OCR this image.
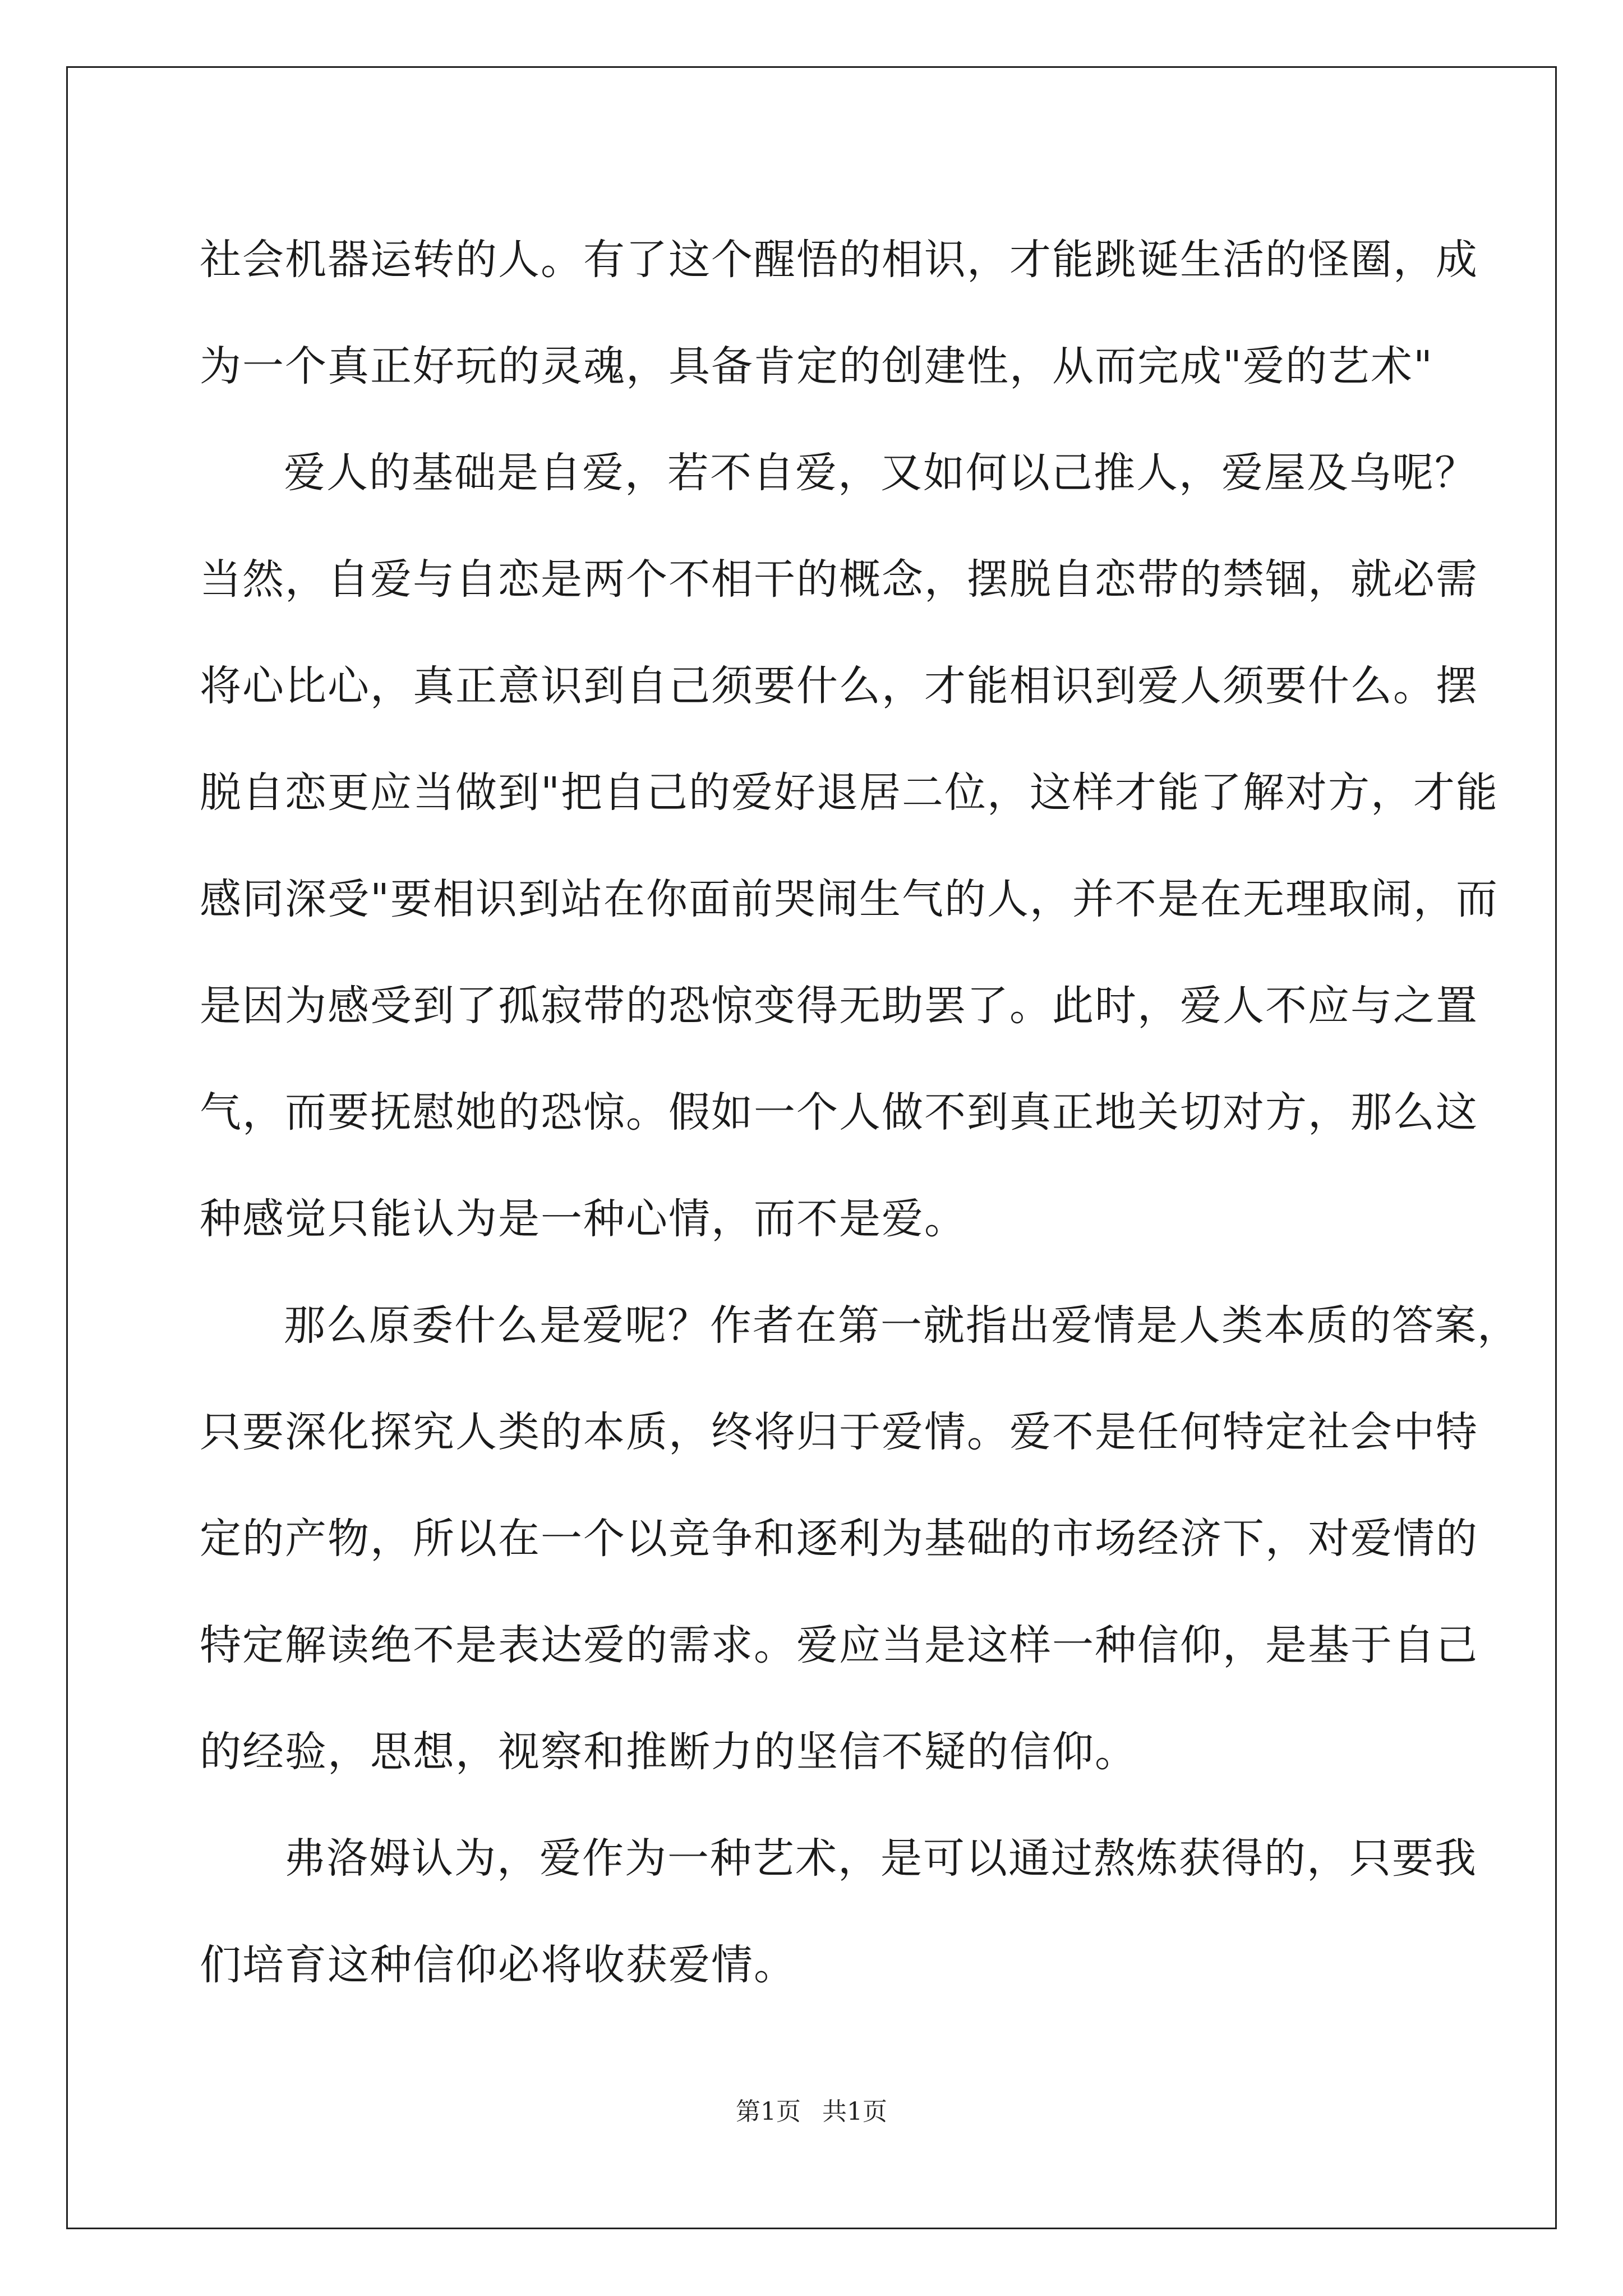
社会机器运转的人。有了这个醒悟的相识，才能跳诞生活的怪圈，成
为一个真正好玩的灵魂，具备肯定的创建性，从而完成"爱的艺术"
爱人的基础是自爱，若不自爱，又如何以己推人，爱屋及乌呢？
当然，自爱与自恋是两个不相干的概念，摆脱自恋带的禁锢，就必需
将心比心，真正意识到自己须要什么，才能相识到爱人须要什么。摆
脱自恋更应当做到"把自己的爱好退居二位，这样才能了解对方，才能
感同深受"要相识到站在你面前哭闹生气的人，并不是在无理取闹，而
是因为感受到了孤寂带的恐惊变得无助罢了。此时，爱人不应与之置
气，而要抚慰她的恐惊。假如一个人做不到真正地关切对方，那么这
种感觉只能认为是一种心情，而不是爱。
那么原委什么是爱呢？作者在第一就指出爱情是人类本质的答案，
只要深化探究人类的本质，终将归于爱情。爱不是任何特定社会中特
定的产物，所以在一个以竞争和逐利为基础的市场经济下，对爱情的
特定解读绝不是表达爱的需求。爱应当是这样一种信仰，是基于自己
的经验，思想，视察和推断力的坚信不疑的信仰。
弗洛姆认为，爱作为一种艺术，是可以通过熬炼获得的，只要我
们培育这种信仰必将收获爱情。
第1页 共1页
